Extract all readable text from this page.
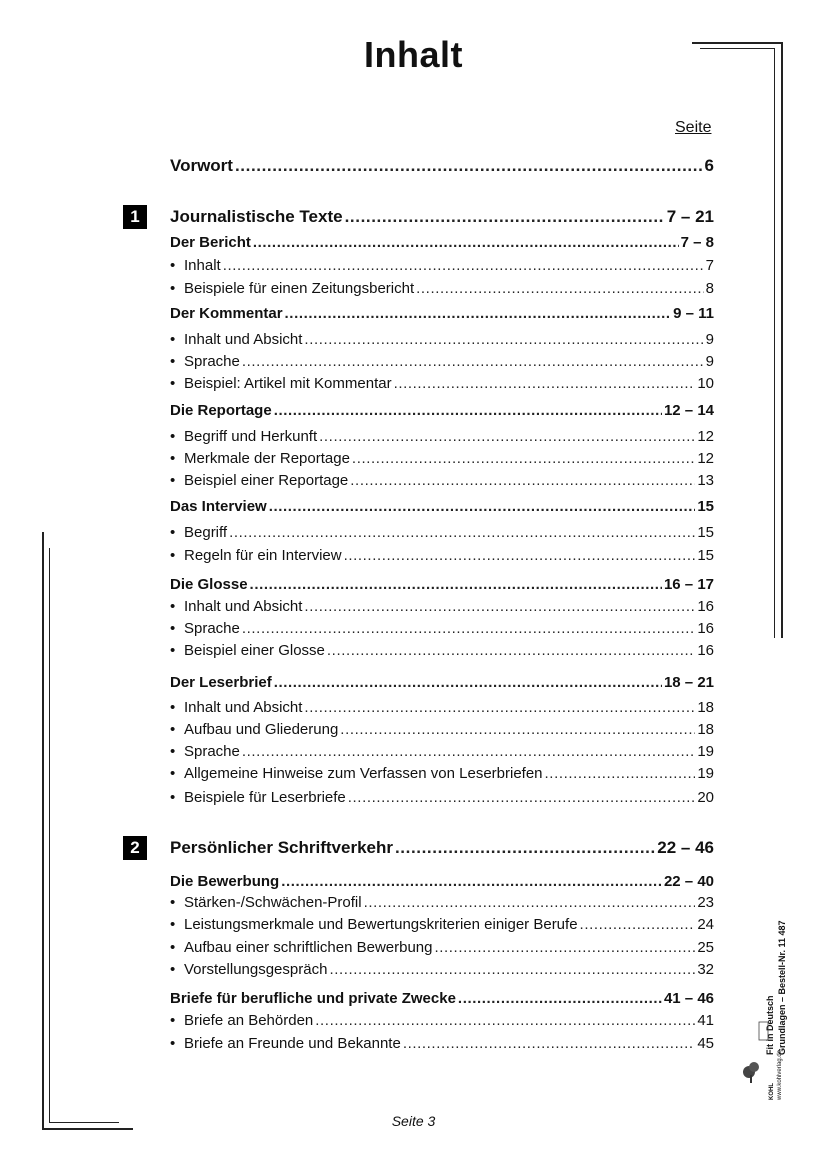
Inhalt
Seite
Vorwort .....	6
1	Journalistische Texte .....	7 – 21
Der Bericht .....	7 – 8
• Inhalt .....	7
• Beispiele für einen Zeitungsbericht .....	8
Der Kommentar .....	9 – 11
• Inhalt und Absicht .....	9
• Sprache .....	9
• Beispiel: Artikel mit Kommentar .....	10
Die Reportage .....	12 – 14
• Begriff und Herkunft .....	12
• Merkmale der Reportage .....	12
• Beispiel einer Reportage .....	13
Das Interview .....	15
• Begriff .....	15
• Regeln für ein Interview .....	15
Die Glosse .....	16 – 17
• Inhalt und Absicht .....	16
• Sprache .....	16
• Beispiel einer Glosse .....	16
Der Leserbrief .....	18 – 21
• Inhalt und Absicht .....	18
• Aufbau und Gliederung .....	18
• Sprache .....	19
• Allgemeine Hinweise zum Verfassen von Leserbriefen .....	19
• Beispiele für Leserbriefe .....	20
2	Persönlicher Schriftverkehr .....	22 – 46
Die Bewerbung .....	22 – 40
• Stärken-/Schwächen-Profil .....	23
• Leistungsmerkmale und Bewertungskriterien einiger Berufe .....	24
• Aufbau einer schriftlichen Bewerbung .....	25
• Vorstellungsgespräch .....	32
Briefe für berufliche und private Zwecke .....	41 – 46
• Briefe an Behörden .....	41
• Briefe an Freunde und Bekannte .....	45	Fit in Deutsch Grundlagen – Bestell-Nr. 11 487
KOHL www.kohlverlag.de
Seite 3
